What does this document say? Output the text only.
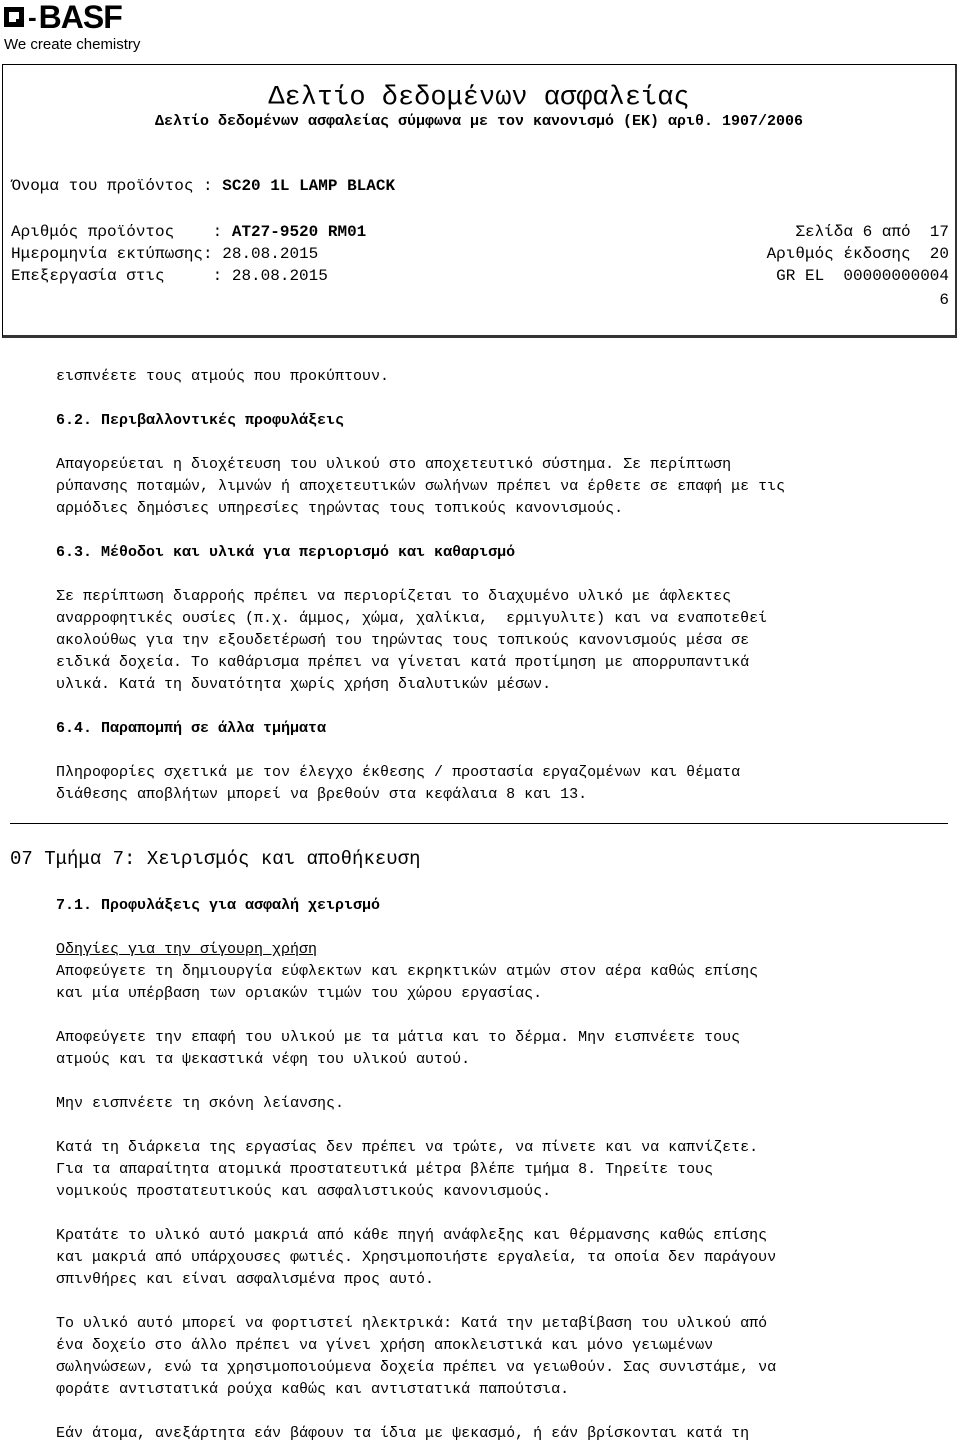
- BASF
We create chemistry
Δελτίο δεδομένων ασφαλείας
Δελτίο δεδομένων ασφαλείας σύμφωνα με τον κανονισμό (ΕΚ) αριθ. 1907/2006
Όνομα του προϊόντος : SC20 1L LAMP BLACK
Αριθμός προϊόντος    : AT27-9520 RM01
Ημερομηνία εκτύπωσης: 28.08.2015
Επεξεργασία στις     : 28.08.2015
Σελίδα 6 από  17
Αριθμός έκδοσης  20
GR EL  00000000004
6

εισπνέετε τους ατμούς που προκύπτουν.

6.2. Περιβαλλοντικές προφυλάξεις

Απαγορεύεται η διοχέτευση του υλικού στο αποχετευτικό σύστημα. Σε περίπτωση
ρύπανσης ποταμών, λιμνών ή αποχετευτικών σωλήνων πρέπει να έρθετε σε επαφή με τις
αρμόδιες δημόσιες υπηρεσίες τηρώντας τους τοπικούς κανονισμούς.

6.3. Μέθοδοι και υλικά για περιορισμό και καθαρισμό

Σε περίπτωση διαρροής πρέπει να περιορίζεται το διαχυμένο υλικό με άφλεκτες
αναρροφητικές ουσίες (π.χ. άμμος, χώμα, χαλίκια,  ερμιγυλιτε) και να εναποτεθεί
ακολούθως για την εξουδετέρωσή του τηρώντας τους τοπικούς κανονισμούς μέσα σε
ειδικά δοχεία. Το καθάρισμα πρέπει να γίνεται κατά προτίμηση με απορρυπαντικά
υλικά. Κατά τη δυνατότητα χωρίς χρήση διαλυτικών μέσων.

6.4. Παραπομπή σε άλλα τμήματα

Πληροφορίες σχετικά με τον έλεγχο έκθεσης / προστασία εργαζομένων και θέματα
διάθεσης αποβλήτων μπορεί να βρεθούν στα κεφάλαια 8 και 13.
07 Τμήμα 7: Χειρισμός και αποθήκευση

7.1. Προφυλάξεις για ασφαλή χειρισμό

Οδηγίες για την σίγουρη χρήση
Αποφεύγετε τη δημιουργία εύφλεκτων και εκρηκτικών ατμών στον αέρα καθώς επίσης
και μία υπέρβαση των οριακών τιμών του χώρου εργασίας.
Αποφεύγετε την επαφή του υλικού με τα μάτια και το δέρμα. Μην εισπνέετε τους
ατμούς και τα ψεκαστικά νέφη του υλικού αυτού.
Μην εισπνέετε τη σκόνη λείανσης.
Κατά τη διάρκεια της εργασίας δεν πρέπει να τρώτε, να πίνετε και να καπνίζετε.
Για τα απαραίτητα ατομικά προστατευτικά μέτρα βλέπε τμήμα 8. Τηρείτε τους
νομικούς προστατευτικούς και ασφαλιστικούς κανονισμούς.
Κρατάτε το υλικό αυτό μακριά από κάθε πηγή ανάφλεξης και θέρμανσης καθώς επίσης
και μακριά από υπάρχουσες φωτιές. Χρησιμοποιήστε εργαλεία, τα οποία δεν παράγουν
σπινθήρες και είναι ασφαλισμένα προς αυτό.
Το υλικό αυτό μπορεί να φορτιστεί ηλεκτρικά: Κατά την μεταβίβαση του υλικού από
ένα δοχείο στο άλλο πρέπει να γίνει χρήση αποκλειστικά και μόνο γειωμένων
σωληνώσεων, ενώ τα χρησιμοποιούμενα δοχεία πρέπει να γειωθούν. Σας συνιστάμε, να
φοράτε αντιστατικά ρούχα καθώς και αντιστατικά παπούτσια.
Εάν άτομα, ανεξάρτητα εάν βάφουν τα ίδια με ψεκασμό, ή εάν βρίσκονται κατά τη
